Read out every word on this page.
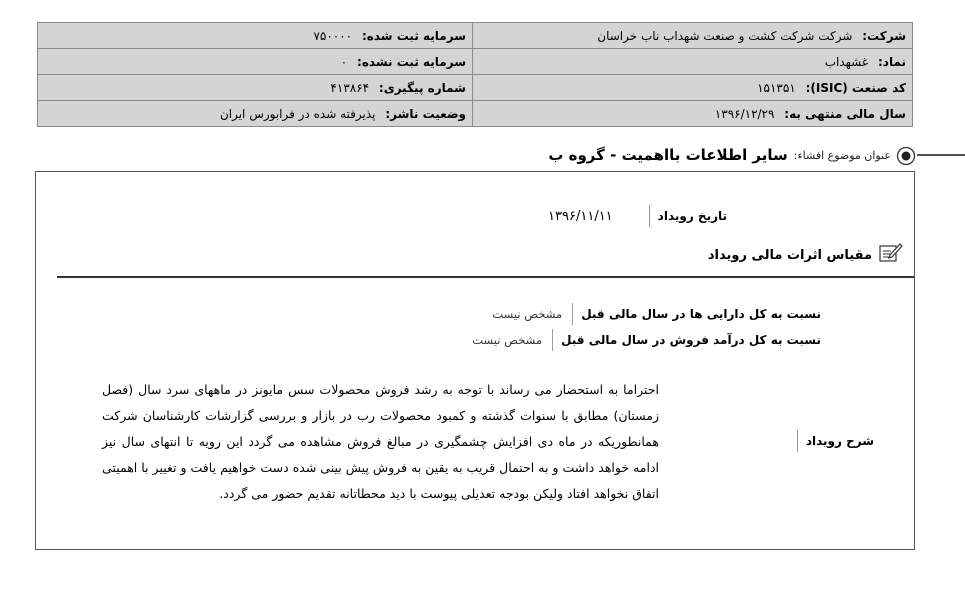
شرکت: شرکت شرکت کشت و صنعت شهداب ناب خراسان	سرمایه ثبت شده: ۷۵۰۰۰۰
نماد: غشهداب	سرمایه ثبت نشده: ۰
کد صنعت (ISIC): ۱۵۱۳۵۱	شماره پیگیری: ۴۱۳۸۶۴
سال مالی منتهی به: ۱۳۹۶/۱۲/۲۹	وضعیت ناشر: پذیرفته شده در فرابورس ایران
عنوان موضوع افشاء:
سایر اطلاعات بااهمیت - گروه ب
تاریخ رویداد
۱۳۹۶/۱۱/۱۱
مقیاس اثرات مالی رویداد
نسبت به کل دارایی ها در سال مالی قبل
مشخص نیست
نسبت به کل درآمد فروش در سال مالی قبل
مشخص نیست
شرح رویداد
احتراما به استحضار می رساند با توجه به رشد فروش محصولات سس مایونز در ماههای سرد سال (فصل زمستان) مطابق با سنوات گذشته و کمبود محصولات رب در بازار و بررسی گزارشات کارشناسان شرکت همانطوریکه در ماه دی افزایش چشمگیری در مبالغ فروش مشاهده می گردد این رویه تا انتهای سال نیز ادامه خواهد داشت و به احتمال قریب به یقین به فروش پیش بینی شده دست خواهیم یافت و تغییر با اهمیتی اتفاق نخواهد افتاد ولیکن بودجه تعدیلی پیوست با دید محطاتانه تقدیم حضور می گردد.
